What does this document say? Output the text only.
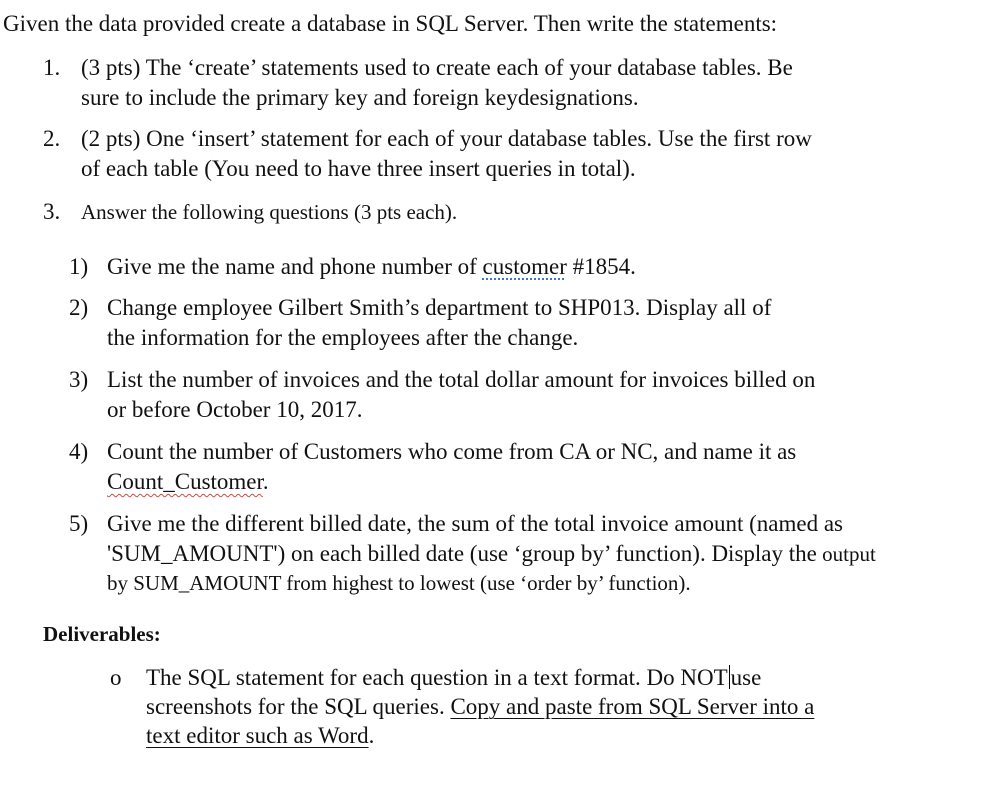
Given the data provided create a database in SQL Server. Then write the statements:
1. (3 pts) The ‘create’ statements used to create each of your database tables. Be
sure to include the primary key and foreign keydesignations.
2. (2 pts) One ‘insert’ statement for each of your database tables. Use the first row
of each table (You need to have three insert queries in total).
3. Answer the following questions (3 pts each).
1) Give me the name and phone number of customer #1854.
2) Change employee Gilbert Smith’s department to SHP013. Display all of
the information for the employees after the change.
3) List the number of invoices and the total dollar amount for invoices billed on
or before October 10, 2017.
4) Count the number of Customers who come from CA or NC, and name it as
Count_Customer.
5) Give me the different billed date, the sum of the total invoice amount (named as
'SUM_AMOUNT') on each billed date (use ‘group by’ function). Display the output
by SUM_AMOUNT from highest to lowest (use ‘order by’ function).
Deliverables:
o The SQL statement for each question in a text format. Do NOT use
screenshots for the SQL queries. Copy and paste from SQL Server into a
text editor such as Word.
